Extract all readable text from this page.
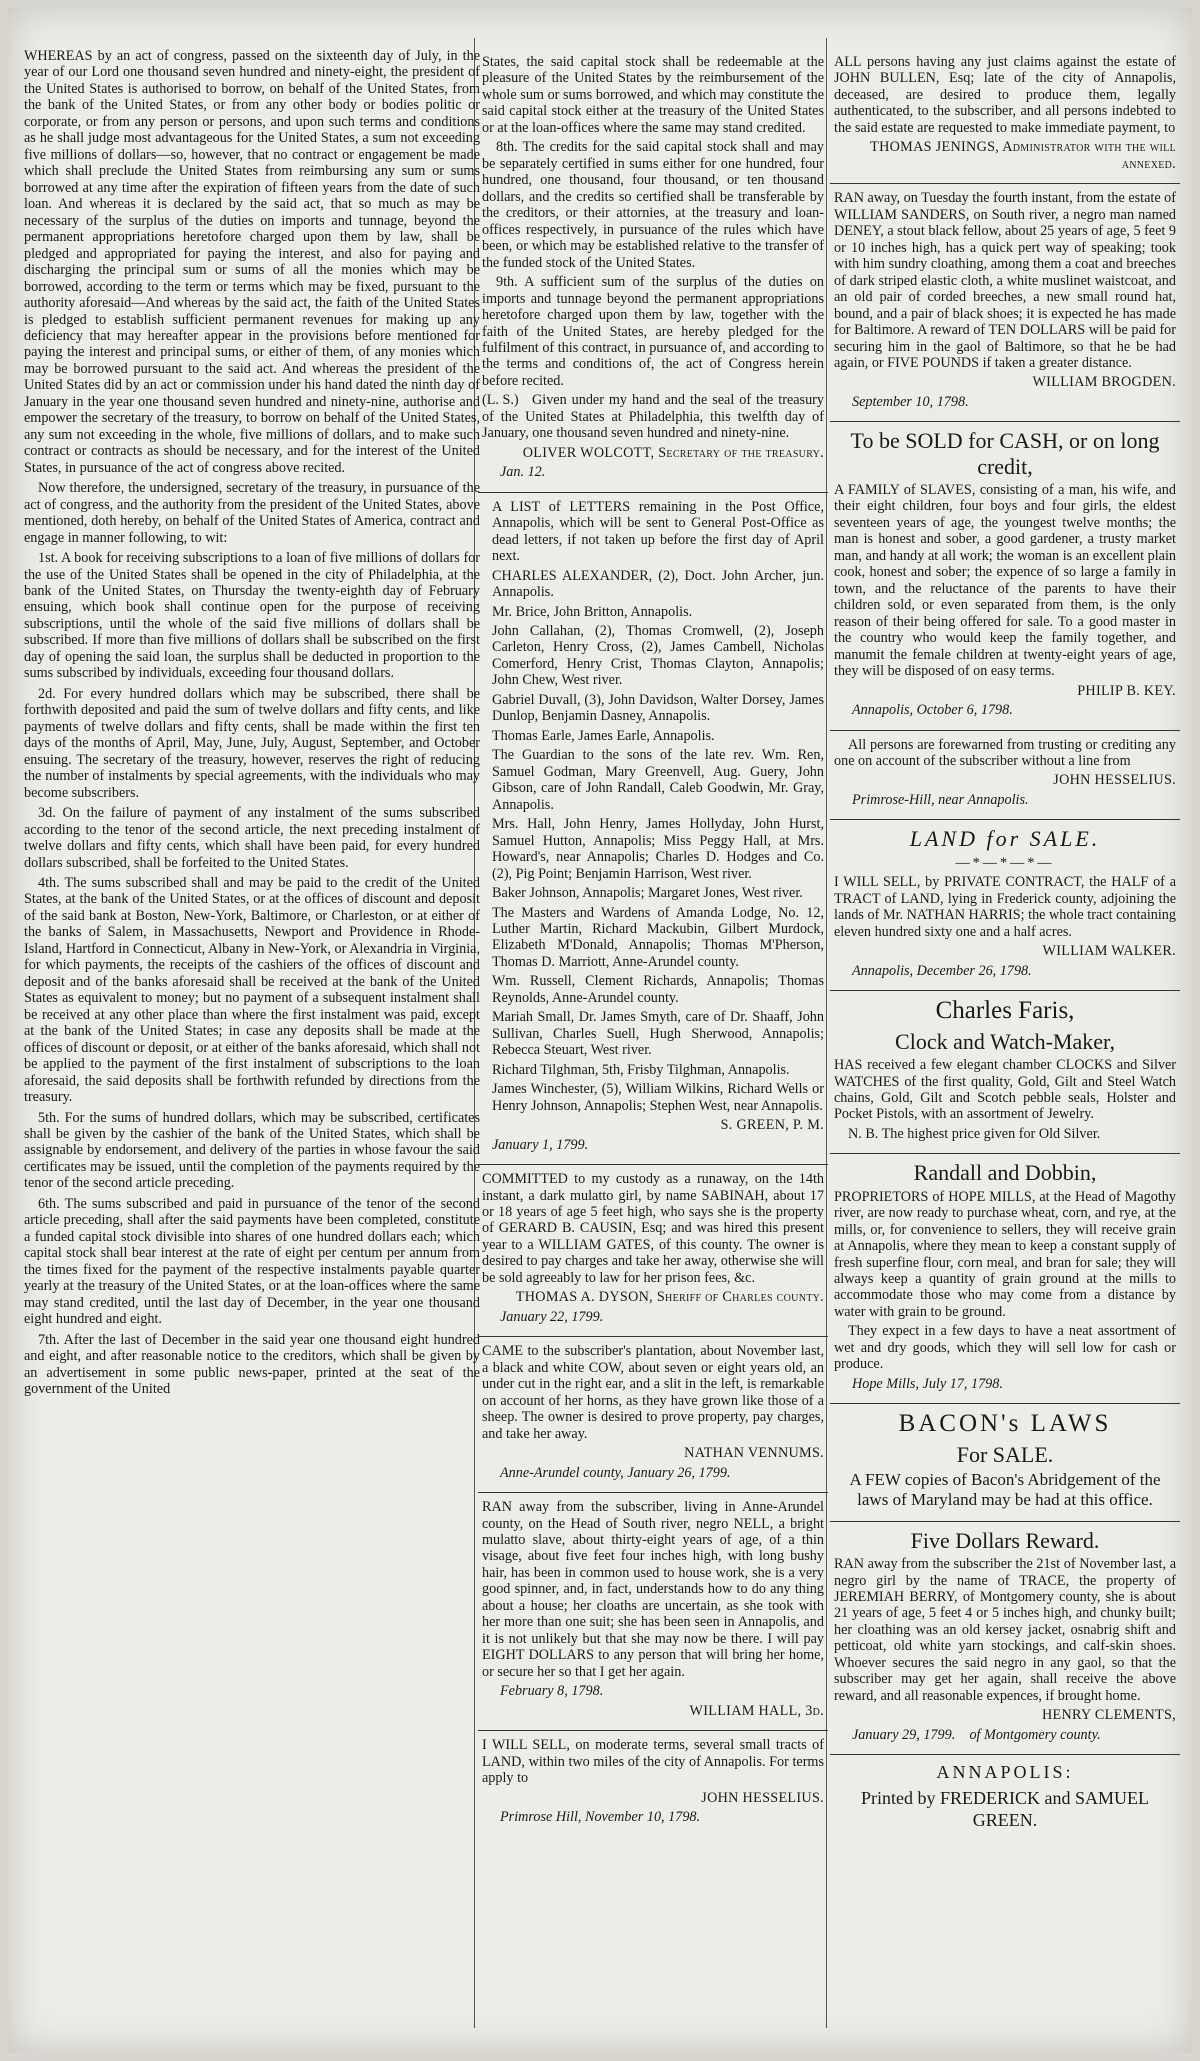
WHEREAS by an act of congress, passed on the sixteenth day of July, in the year of our Lord one thousand seven hundred and ninety-eight, the president of the United States is authorised to borrow, on behalf of the United States, from the bank of the United States, or from any other body or bodies politic or corporate, or from any person or persons, and upon such terms and conditions as he shall judge most advantageous for the United States, a sum not exceeding five millions of dollars—so, however, that no contract or engagement be made which shall preclude the United States from reimbursing any sum or sums borrowed at any time after the expiration of fifteen years from the date of such loan. And whereas it is declared by the said act, that so much as may be necessary of the surplus of the duties on imports and tunnage, beyond the permanent appropriations heretofore charged upon them by law, shall be pledged and appropriated for paying the interest, and also for paying and discharging the principal sum or sums of all the monies which may be borrowed, according to the term or terms which may be fixed, pursuant to the authority aforesaid—And whereas by the said act, the faith of the United States is pledged to establish sufficient permanent revenues for making up any deficiency that may hereafter appear in the provisions before mentioned for paying the interest and principal sums, or either of them, of any monies which may be borrowed pursuant to the said act. And whereas the president of the United States did by an act or commission under his hand dated the ninth day of January in the year one thousand seven hundred and ninety-nine, authorise and empower the secretary of the treasury, to borrow on behalf of the United States, any sum not exceeding in the whole, five millions of dollars, and to make such contract or contracts as should be necessary, and for the interest of the United States, in pursuance of the act of congress above recited.

Now therefore, the undersigned, secretary of the treasury, in pursuance of the act of congress, and the authority from the president of the United States, above mentioned, doth hereby, on behalf of the United States of America, contract and engage in manner following, to wit:

1st. A book for receiving subscriptions to a loan of five millions of dollars for the use of the United States shall be opened in the city of Philadelphia, at the bank of the United States, on Thursday the twenty-eighth day of February ensuing, which book shall continue open for the purpose of receiving subscriptions, until the whole of the said five millions of dollars shall be subscribed. If more than five millions of dollars shall be subscribed on the first day of opening the said loan, the surplus shall be deducted in proportion to the sums subscribed by individuals, exceeding four thousand dollars.

2d. For every hundred dollars which may be subscribed, there shall be forthwith deposited and paid the sum of twelve dollars and fifty cents, and like payments of twelve dollars and fifty cents, shall be made within the first ten days of the months of April, May, June, July, August, September, and October ensuing. The secretary of the treasury, however, reserves the right of reducing the number of instalments by special agreements, with the individuals who may become subscribers.

3d. On the failure of payment of any instalment of the sums subscribed according to the tenor of the second article, the next preceding instalment of twelve dollars and fifty cents, which shall have been paid, for every hundred dollars subscribed, shall be forfeited to the United States.

4th. The sums subscribed shall and may be paid to the credit of the United States, at the bank of the United States, or at the offices of discount and deposit of the said bank at Boston, New-York, Baltimore, or Charleston, or at either of the banks of Salem, in Massachusetts, Newport and Providence in Rhode-Island, Hartford in Connecticut, Albany in New-York, or Alexandria in Virginia, for which payments, the receipts of the cashiers of the offices of discount and deposit and of the banks aforesaid shall be received at the bank of the United States as equivalent to money; but no payment of a subsequent instalment shall be received at any other place than where the first instalment was paid, except at the bank of the United States; in case any deposits shall be made at the offices of discount or deposit, or at either of the banks aforesaid, which shall not be applied to the payment of the first instalment of subscriptions to the loan aforesaid, the said deposits shall be forthwith refunded by directions from the treasury.

5th. For the sums of hundred dollars, which may be subscribed, certificates shall be given by the cashier of the bank of the United States, which shall be assignable by endorsement, and delivery of the parties in whose favour the said certificates may be issued, until the completion of the payments required by the tenor of the second article preceding.

6th. The sums subscribed and paid in pursuance of the tenor of the second article preceding, shall after the said payments have been completed, constitute a funded capital stock divisible into shares of one hundred dollars each; which capital stock shall bear interest at the rate of eight per centum per annum from the times fixed for the payment of the respective instalments payable quarter yearly at the treasury of the United States, or at the loan-offices where the same may stand credited, until the last day of December, in the year one thousand eight hundred and eight.

7th. After the last of December in the said year one thousand eight hundred and eight, and after reasonable notice to the creditors, which shall be given by an advertisement in some public news-paper, printed at the seat of the government of the United

States, the said capital stock shall be redeemable at the pleasure of the United States by the reimbursement of the whole sum or sums borrowed, and which may constitute the said capital stock either at the treasury of the United States or at the loan-offices where the same may stand credited.

8th. The credits for the said capital stock shall and may be separately certified in sums either for one hundred, four hundred, one thousand, four thousand, or ten thousand dollars, and the credits so certified shall be transferable by the creditors, or their attornies, at the treasury and loan-offices respectively, in pursuance of the rules which have been, or which may be established relative to the transfer of the funded stock of the United States.

9th. A sufficient sum of the surplus of the duties on imports and tunnage beyond the permanent appropriations heretofore charged upon them by law, together with the faith of the United States, are hereby pledged for the fulfilment of this contract, in pursuance of, and according to the terms and conditions of, the act of Congress herein before recited.

(L. S.) Given under my hand and the seal of the treasury of the United States at Philadelphia, this twelfth day of January, one thousand seven hundred and ninety-nine.

OLIVER WOLCOTT, Secretary of the treasury.

Jan. 12.

A LIST of LETTERS remaining in the Post Office, Annapolis, which will be sent to General Post-Office as dead letters, if not taken up before the first day of April next.

CHARLES ALEXANDER, (2), Doct. John Archer, jun. Annapolis.

Mr. Brice, John Britton, Annapolis.

John Callahan, (2), Thomas Cromwell, (2), Joseph Carleton, Henry Cross, (2), James Cambell, Nicholas Comerford, Henry Crist, Thomas Clayton, Annapolis; John Chew, West river.

Gabriel Duvall, (3), John Davidson, Walter Dorsey, James Dunlop, Benjamin Dasney, Annapolis.

Thomas Earle, James Earle, Annapolis.

The Guardian to the sons of the late rev. Wm. Ren, Samuel Godman, Mary Greenvell, Aug. Guery, John Gibson, care of John Randall, Caleb Goodwin, Mr. Gray, Annapolis.

Mrs. Hall, John Henry, James Hollyday, John Hurst, Samuel Hutton, Annapolis; Miss Peggy Hall, at Mrs. Howard's, near Annapolis; Charles D. Hodges and Co. (2), Pig Point; Benjamin Harrison, West river.

Baker Johnson, Annapolis; Margaret Jones, West river.

The Masters and Wardens of Amanda Lodge, No. 12, Luther Martin, Richard Mackubin, Gilbert Murdock, Elizabeth M'Donald, Annapolis; Thomas M'Pherson, Thomas D. Marriott, Anne-Arundel county.

Wm. Russell, Clement Richards, Annapolis; Thomas Reynolds, Anne-Arundel county.

Mariah Small, Dr. James Smyth, care of Dr. Shaaff, John Sullivan, Charles Suell, Hugh Sherwood, Annapolis; Rebecca Steuart, West river.

Richard Tilghman, 5th, Frisby Tilghman, Annapolis.

James Winchester, (5), William Wilkins, Richard Wells or Henry Johnson, Annapolis; Stephen West, near Annapolis.

S. GREEN, P. M.

January 1, 1799.

COMMITTED to my custody as a runaway, on the 14th instant, a dark mulatto girl, by name SABINAH, about 17 or 18 years of age 5 feet high, who says she is the property of GERARD B. CAUSIN, Esq; and was hired this present year to a WILLIAM GATES, of this county. The owner is desired to pay charges and take her away, otherwise she will be sold agreeably to law for her prison fees, &c.

THOMAS A. DYSON, Sheriff of Charles county.

January 22, 1799.

CAME to the subscriber's plantation, about November last, a black and white COW, about seven or eight years old, an under cut in the right ear, and a slit in the left, is remarkable on account of her horns, as they have grown like those of a sheep. The owner is desired to prove property, pay charges, and take her away.

NATHAN VENNUMS.

Anne-Arundel county, January 26, 1799.

RAN away from the subscriber, living in Anne-Arundel county, on the Head of South river, negro NELL, a bright mulatto slave, about thirty-eight years of age, of a thin visage, about five feet four inches high, with long bushy hair, has been in common used to house work, she is a very good spinner, and, in fact, understands how to do any thing about a house; her cloaths are uncertain, as she took with her more than one suit; she has been seen in Annapolis, and it is not unlikely but that she may now be there. I will pay EIGHT DOLLARS to any person that will bring her home, or secure her so that I get her again.

February 8, 1798.

WILLIAM HALL, 3d.

I WILL SELL, on moderate terms, several small tracts of LAND, within two miles of the city of Annapolis. For terms apply to

JOHN HESSELIUS.

Primrose Hill, November 10, 1798.

ALL persons having any just claims against the estate of JOHN BULLEN, Esq; late of the city of Annapolis, deceased, are desired to produce them, legally authenticated, to the subscriber, and all persons indebted to the said estate are requested to make immediate payment, to

THOMAS JENINGS, Administrator with the will annexed.

RAN away, on Tuesday the fourth instant, from the estate of WILLIAM SANDERS, on South river, a negro man named DENEY, a stout black fellow, about 25 years of age, 5 feet 9 or 10 inches high, has a quick pert way of speaking; took with him sundry cloathing, among them a coat and breeches of dark striped elastic cloth, a white muslinet waistcoat, and an old pair of corded breeches, a new small round hat, bound, and a pair of black shoes; it is expected he has made for Baltimore. A reward of TEN DOLLARS will be paid for securing him in the gaol of Baltimore, so that he be had again, or FIVE POUNDS if taken a greater distance.

WILLIAM BROGDEN.

September 10, 1798.

To be SOLD for CASH, or on long credit,

A FAMILY of SLAVES, consisting of a man, his wife, and their eight children, four boys and four girls, the eldest seventeen years of age, the youngest twelve months; the man is honest and sober, a good gardener, a trusty market man, and handy at all work; the woman is an excellent plain cook, honest and sober; the expence of so large a family in town, and the reluctance of the parents to have their children sold, or even separated from them, is the only reason of their being offered for sale. To a good master in the country who would keep the family together, and manumit the female children at twenty-eight years of age, they will be disposed of on easy terms.

PHILIP B. KEY.

Annapolis, October 6, 1798.

All persons are forewarned from trusting or crediting any one on account of the subscriber without a line from

JOHN HESSELIUS.

Primrose-Hill, near Annapolis.

LAND for SALE.

—*—*—*—

I WILL SELL, by PRIVATE CONTRACT, the HALF of a TRACT of LAND, lying in Frederick county, adjoining the lands of Mr. NATHAN HARRIS; the whole tract containing eleven hundred sixty one and a half acres.

WILLIAM WALKER.

Annapolis, December 26, 1798.

Charles Faris,

Clock and Watch-Maker,

HAS received a few elegant chamber CLOCKS and Silver WATCHES of the first quality, Gold, Gilt and Steel Watch chains, Gold, Gilt and Scotch pebble seals, Holster and Pocket Pistols, with an assortment of Jewelry.

N. B. The highest price given for Old Silver.

Randall and Dobbin,

PROPRIETORS of HOPE MILLS, at the Head of Magothy river, are now ready to purchase wheat, corn, and rye, at the mills, or, for convenience to sellers, they will receive grain at Annapolis, where they mean to keep a constant supply of fresh superfine flour, corn meal, and bran for sale; they will always keep a quantity of grain ground at the mills to accommodate those who may come from a distance by water with grain to be ground.

They expect in a few days to have a neat assortment of wet and dry goods, which they will sell low for cash or produce.

Hope Mills, July 17, 1798.

BACON's LAWS

For SALE.

A FEW copies of Bacon's Abridgement of the laws of Maryland may be had at this office.

Five Dollars Reward.

RAN away from the subscriber the 21st of November last, a negro girl by the name of TRACE, the property of JEREMIAH BERRY, of Montgomery county, she is about 21 years of age, 5 feet 4 or 5 inches high, and chunky built; her cloathing was an old kersey jacket, osnabrig shift and petticoat, old white yarn stockings, and calf-skin shoes. Whoever secures the said negro in any gaol, so that the subscriber may get her again, shall receive the above reward, and all reasonable expences, if brought home.

HENRY CLEMENTS,

January 29, 1799. of Montgomery county.

ANNAPOLIS:

Printed by FREDERICK and SAMUEL GREEN.
